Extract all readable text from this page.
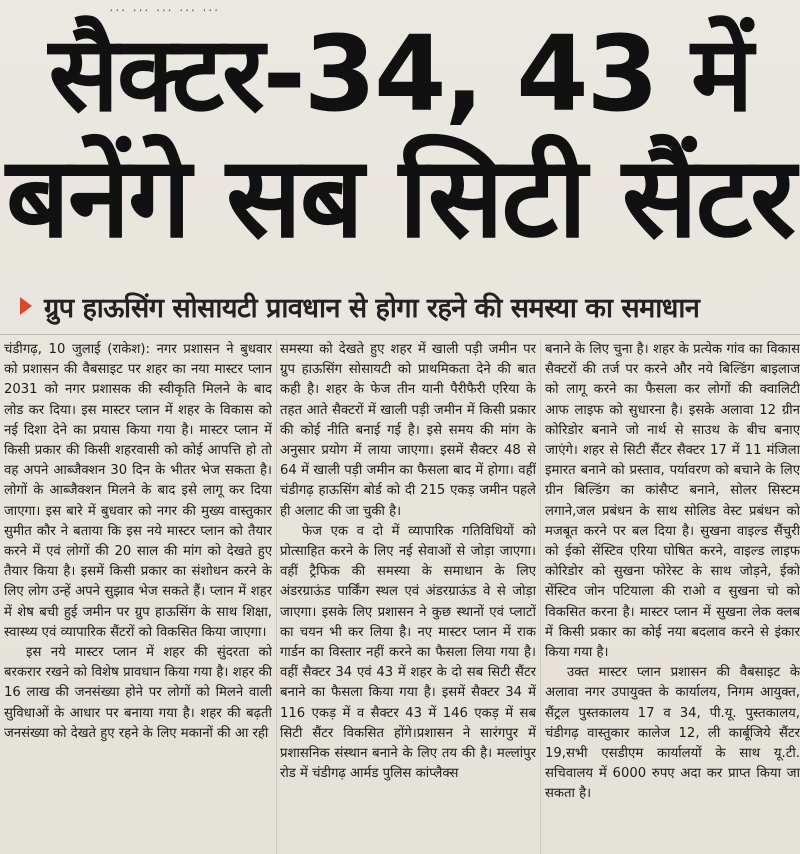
... ... ... ... ...
सैक्टर-34, 43 में
बनेंगे सब सिटी सैंटर
ग्रुप हाऊसिंग सोसायटी प्रावधान से होगा रहने की समस्या का समाधान

चंडीगढ़, 10 जुलाई (राकेश): नगर प्रशासन ने बुधवार को प्रशासन की वैबसाइट पर शहर का नया मास्टर प्लान 2031 को नगर प्रशासक की स्वीकृति मिलने के बाद लोड कर दिया। इस मास्टर प्लान में शहर के विकास को नई दिशा देने का प्रयास किया गया है। मास्टर प्लान में किसी प्रकार की किसी शहरवासी को कोई आपत्ति हो तो वह अपने आब्जैक्शन 30 दिन के भीतर भेज सकता है। लोगों के आब्जैक्शन मिलने के बाद इसे लागू कर दिया जाएगा। इस बारे में बुधवार को नगर की मुख्य वास्तुकार सुमीत कौर ने बताया कि इस नये मास्टर प्लान को तैयार करने में एवं लोगों की 20 साल की मांग को देखते हुए तैयार किया है। इसमें किसी प्रकार का संशोधन करने के लिए लोग उन्हें अपने सुझाव भेज सकते हैं। प्लान में शहर में शेष बची हुई जमीन पर ग्रुप हाऊसिंग के साथ शिक्षा, स्वास्थ्य एवं व्यापारिक सैंटरों को विकसित किया जाएगा।

इस नये मास्टर प्लान में शहर की सुंदरता को बरकरार रखने को विशेष प्रावधान किया गया है। शहर की 16 लाख की जनसंख्या होने पर लोगों को मिलने वाली सुविधाओं के आधार पर बनाया गया है। शहर की बढ़ती जनसंख्या को देखते हुए रहने के लिए मकानों की आ रही

समस्या को देखते हुए शहर में खाली पड़ी जमीन पर ग्रुप हाऊसिंग सोसायटी को प्राथमिकता देने की बात कही है। शहर के फेज तीन यानी पैरीफैरी एरिया के तहत आते सैक्टरों में खाली पड़ी जमीन में किसी प्रकार की कोई नीति बनाई गई है। इसे समय की मांग के अनुसार प्रयोग में लाया जाएगा। इसमें सैक्टर 48 से 64 में खाली पड़ी जमीन का फैसला बाद में होगा। वहीं चंडीगढ़ हाऊसिंग बोर्ड को दी 215 एकड़ जमीन पहले ही अलाट की जा चुकी है।

फेज एक व दो में व्यापारिक गतिविधियों को प्रोत्साहित करने के लिए नई सेवाओं से जोड़ा जाएगा। वहीं ट्रैफिक की समस्या के समाधान के लिए अंडरग्राऊंड पार्किंग स्थल एवं अंडरग्राऊंड वे से जोड़ा जाएगा। इसके लिए प्रशासन ने कुछ स्थानों एवं प्लाटों का चयन भी कर लिया है। नए मास्टर प्लान में राक गार्डन का विस्तार नहीं करने का फैसला लिया गया है। वहीं सैक्टर 34 एवं 43 में शहर के दो सब सिटी सैंटर बनाने का फैसला किया गया है। इसमें सैक्टर 34 में 116 एकड़ में व सैक्टर 43 में 146 एकड़ में सब सिटी सैंटर विकसित होंगे।प्रशासन ने सारंगपुर में प्रशासनिक संस्थान बनाने के लिए तय की है। मल्लांपुर रोड में चंडीगढ़ आर्मड पुलिस कांप्लैक्स

बनाने के लिए चुना है। शहर के प्रत्येक गांव का विकास सैक्टरों की तर्ज पर करने और नये बिल्डिंग बाइलाज को लागू करने का फैसला कर लोगों की क्वालिटी आफ लाइफ को सुधारना है। इसके अलावा 12 ग्रीन कोरिडोर बनाने जो नार्थ से साउथ के बीच बनाए जाएंगे। शहर से सिटी सैंटर सैक्टर 17 में 11 मंजिला इमारत बनाने को प्रस्ताव, पर्यावरण को बचाने के लिए ग्रीन बिल्डिंग का कांसैप्ट बनाने, सोलर सिस्टम लगाने,जल प्रबंधन के साथ सोलिड वेस्ट प्रबंधन को मजबूत करने पर बल दिया है। सुखना वाइल्ड सैंचुरी को ईको सेंस्टिव एरिया घोषित करने, वाइल्ड लाइफ कोरिडोर को सुखना फोरेस्ट के साथ जोड़ने, ईको सेंस्टिव जोन पटियाला की राओ व सुखना चो को विकसित करना है। मास्टर प्लान में सुखना लेक क्लब में किसी प्रकार का कोई नया बदलाव करने से इंकार किया गया है।

उक्त मास्टर प्लान प्रशासन की वैबसाइट के अलावा नगर उपायुक्त के कार्यालय, निगम आयुक्त, सैंट्रल पुस्तकालय 17 व 34, पी.यू. पुस्तकालय, चंडीगढ़ वास्तुकार कालेज 12, ली कार्बूजिये सैंटर 19,सभी एसडीएम कार्यालयों के साथ यू.टी. सचिवालय में 6000 रुपए अदा कर प्राप्त किया जा सकता है।
